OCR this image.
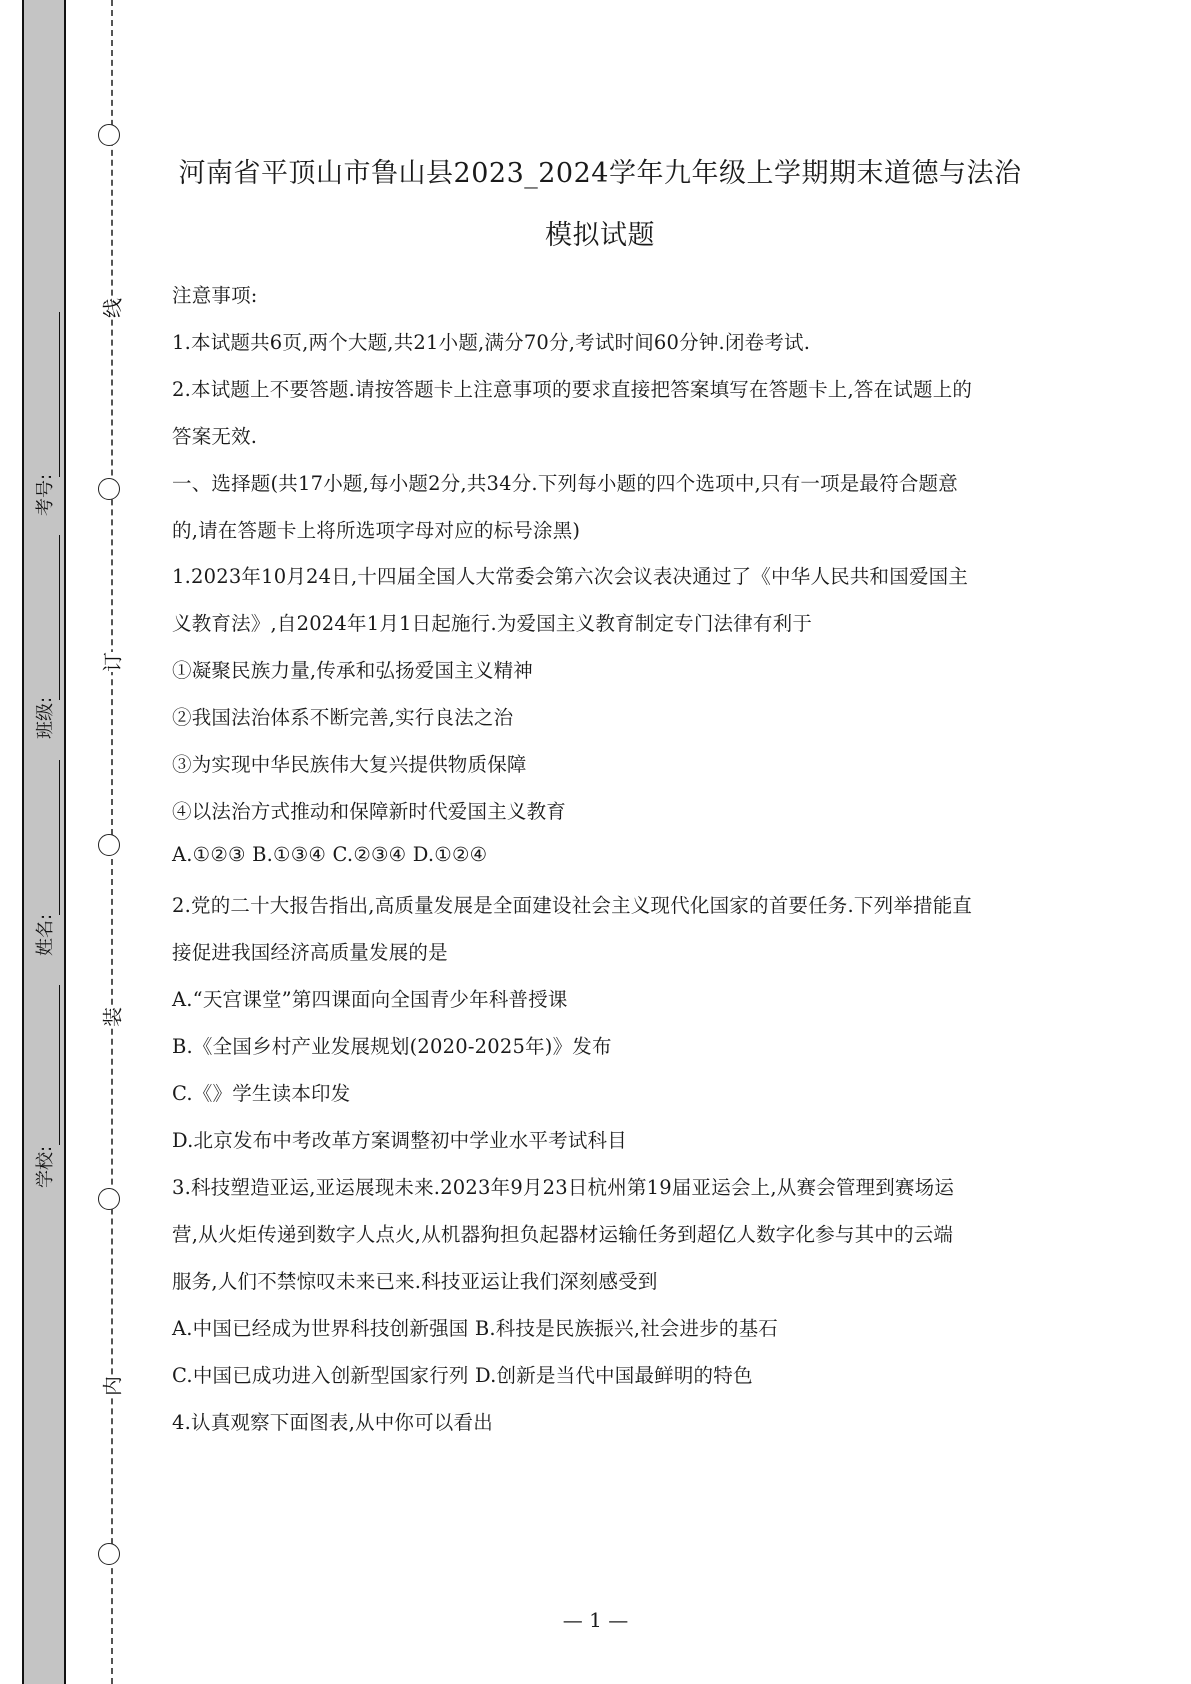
学校:
姓名:
班级:
考号:
线
订
装
内
河南省平顶山市鲁山县2023_2024学年九年级上学期期末道德与法治
模拟试题
注意事项:
1.本试题共6页,两个大题,共21小题,满分70分,考试时间60分钟.闭卷考试.
2.本试题上不要答题.请按答题卡上注意事项的要求直接把答案填写在答题卡上,答在试题上的
答案无效.
一、选择题(共17小题,每小题2分,共34分.下列每小题的四个选项中,只有一项是最符合题意
的,请在答题卡上将所选项字母对应的标号涂黑)
1.2023年10月24日,十四届全国人大常委会第六次会议表决通过了《中华人民共和国爱国主
义教育法》,自2024年1月1日起施行.为爱国主义教育制定专门法律有利于
①凝聚民族力量,传承和弘扬爱国主义精神
②我国法治体系不断完善,实行良法之治
③为实现中华民族伟大复兴提供物质保障
④以法治方式推动和保障新时代爱国主义教育
A.①②③ B.①③④ C.②③④ D.①②④
2.党的二十大报告指出,高质量发展是全面建设社会主义现代化国家的首要任务.下列举措能直
接促进我国经济高质量发展的是
A.“天宫课堂”第四课面向全国青少年科普授课
B.《全国乡村产业发展规划(2020-2025年)》发布
C.《》学生读本印发
D.北京发布中考改革方案调整初中学业水平考试科目
3.科技塑造亚运,亚运展现未来.2023年9月23日杭州第19届亚运会上,从赛会管理到赛场运
营,从火炬传递到数字人点火,从机器狗担负起器材运输任务到超亿人数字化参与其中的云端
服务,人们不禁惊叹未来已来.科技亚运让我们深刻感受到
A.中国已经成为世界科技创新强国 B.科技是民族振兴,社会进步的基石
C.中国已成功进入创新型国家行列 D.创新是当代中国最鲜明的特色
4.认真观察下面图表,从中你可以看出
— 1 —
